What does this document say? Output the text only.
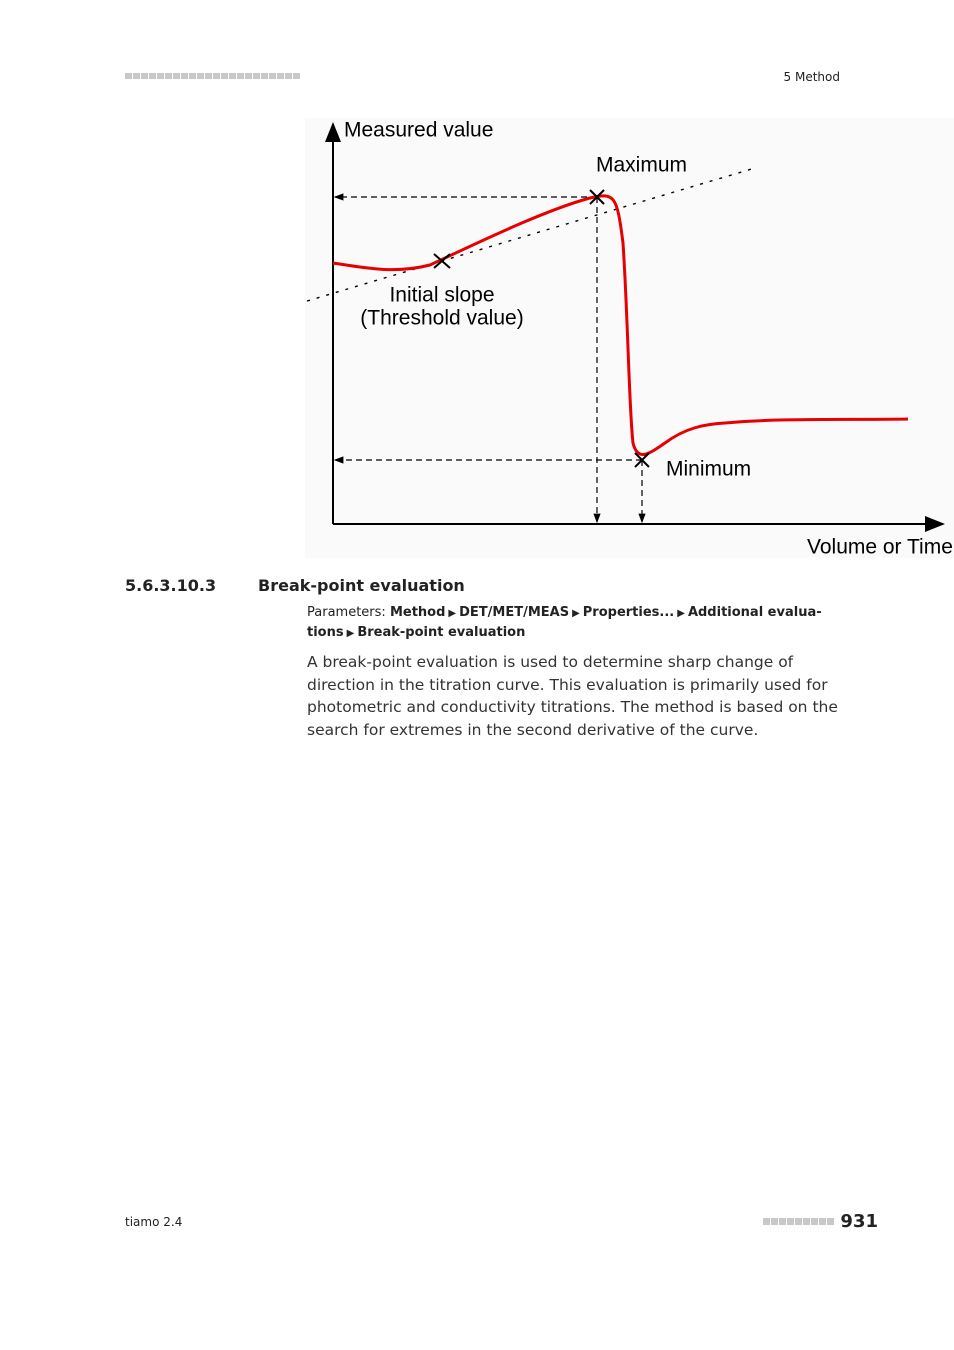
5 Method
Measured value
Maximum
Initial slope
(Threshold value)
Minimum
Volume or Time
5.6.3.10.3	Break-point evaluation
Parameters: Method ▶ DET/MET/MEAS ▶ Properties... ▶ Additional evalua-
tions ▶ Break-point evaluation

A break-point evaluation is used to determine sharp change of direction in the titration curve. This evaluation is primarily used for photometric and conductivity titrations. The method is based on the search for extremes in the second derivative of the curve.

tiamo 2.4	931
